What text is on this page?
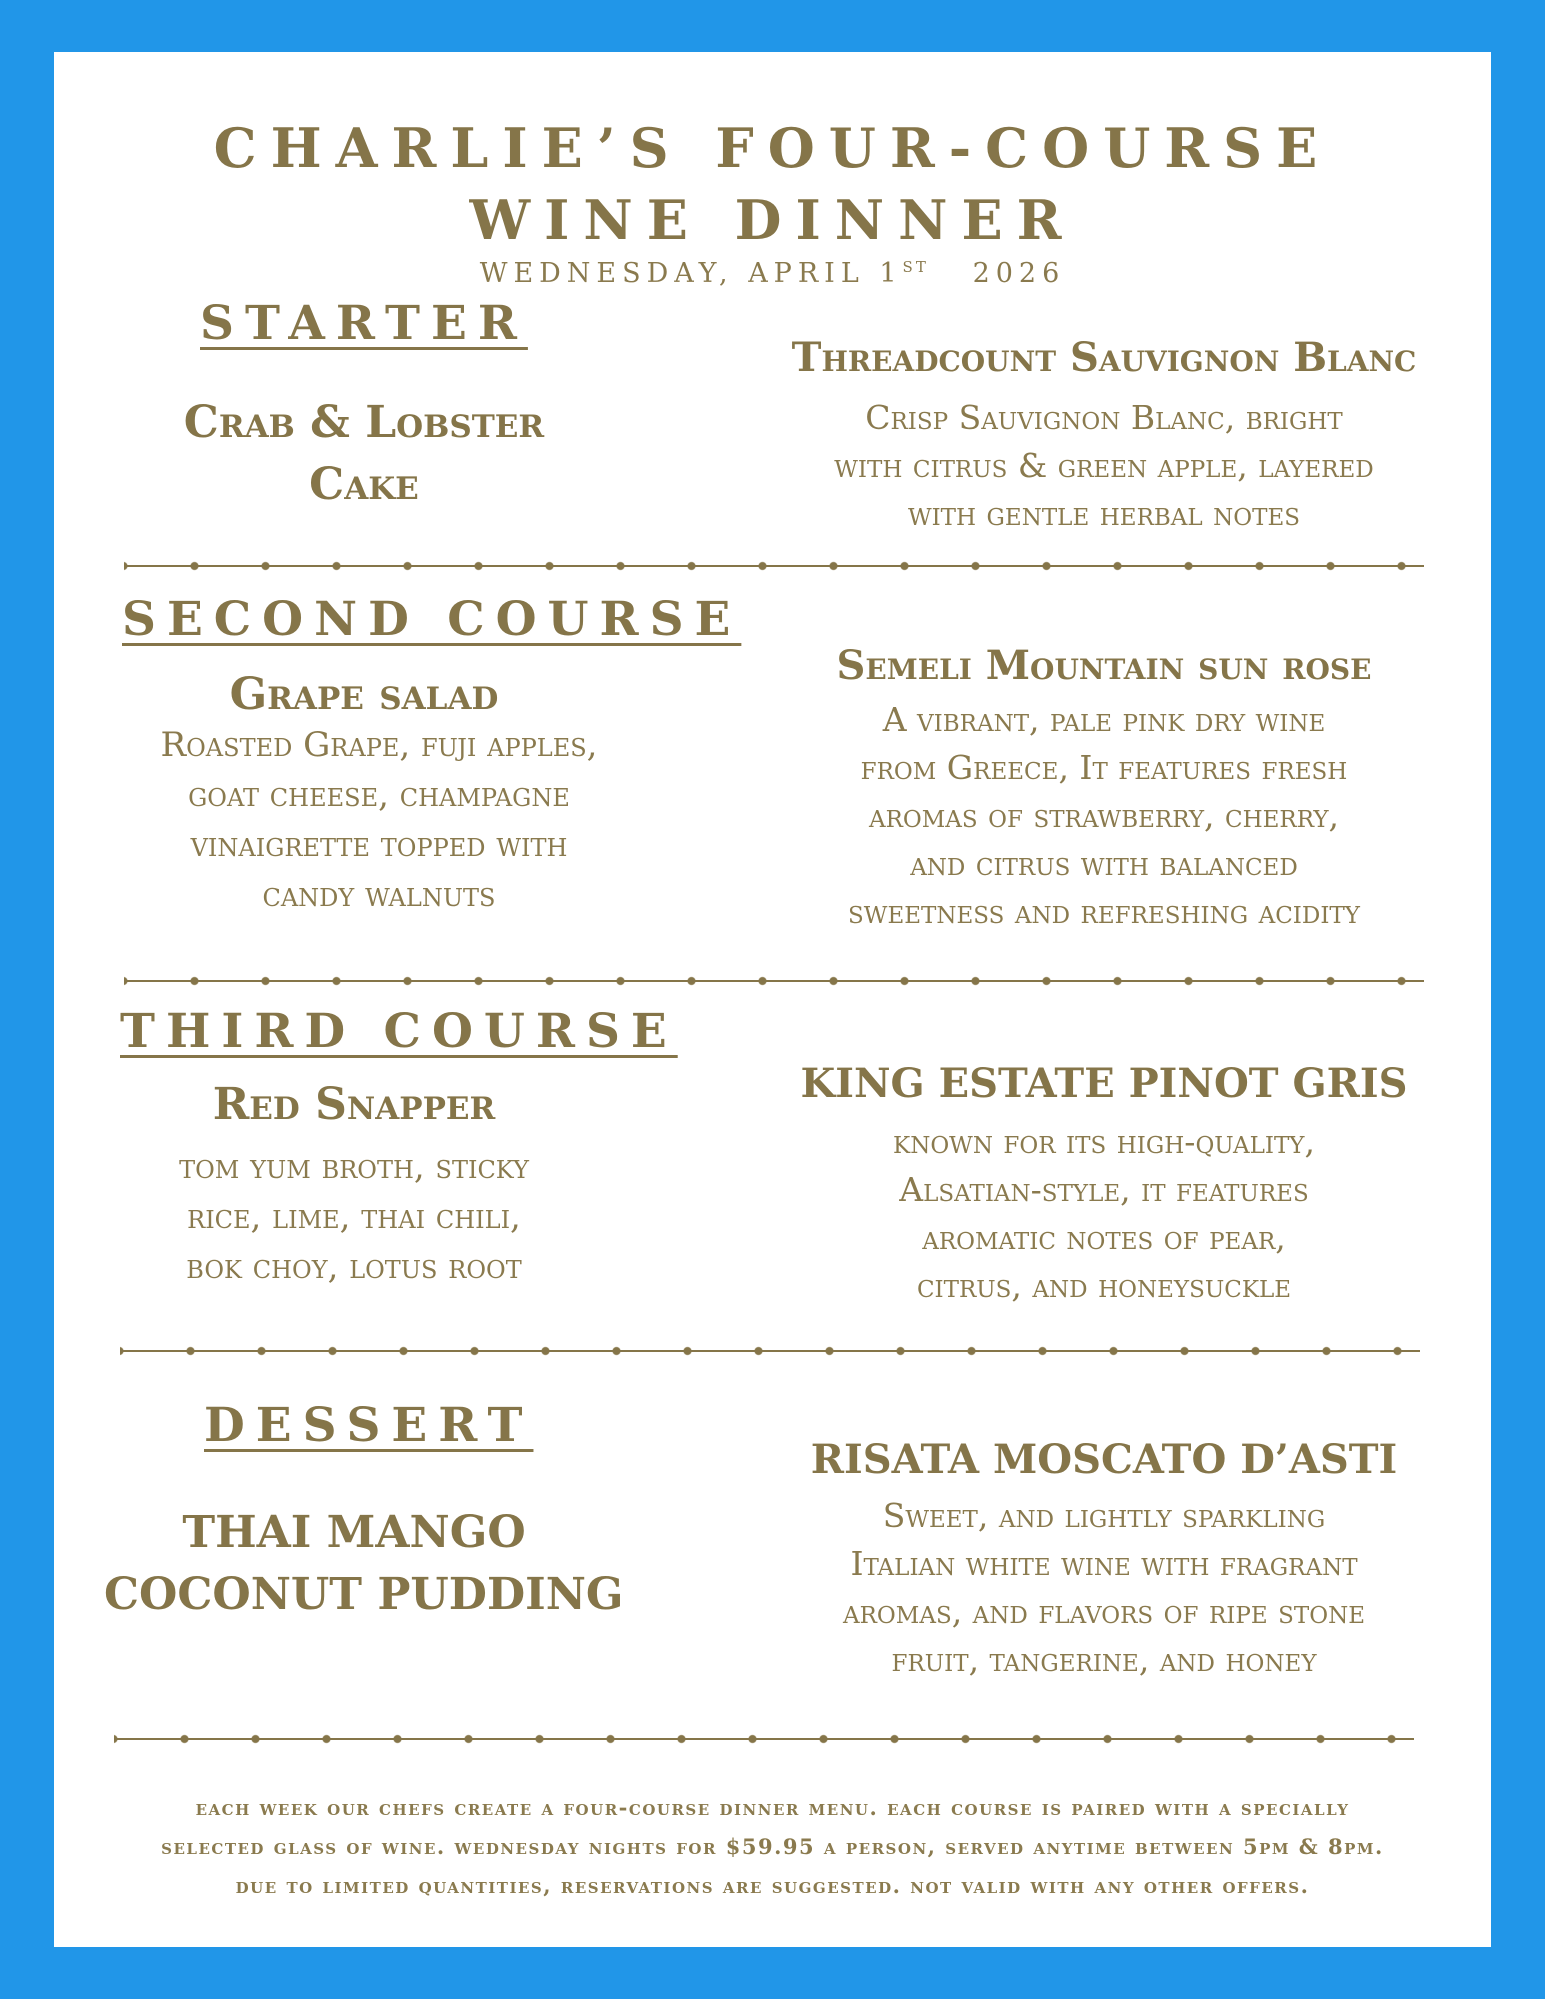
CHARLIE’S FOUR-COURSE
WINE DINNER
WEDNESDAY, APRIL 1ST 2026
STARTER
Crab & Lobster
Cake
Threadcount Sauvignon Blanc
Crisp Sauvignon Blanc, bright
with citrus & green apple, layered
with gentle herbal notes
SECOND COURSE
Grape salad
Roasted Grape, fuji apples,
goat cheese, champagne
vinaigrette topped with
candy walnuts
Semeli Mountain sun rose
A vibrant, pale pink dry wine
from Greece, It features fresh
aromas of strawberry, cherry,
and citrus with balanced
sweetness and refreshing acidity
THIRD COURSE
Red Snapper
tom yum broth, sticky
rice, lime, thai chili,
bok choy, lotus root
KING ESTATE PINOT GRIS
known for its high-quality,
Alsatian-style, it features
aromatic notes of pear,
citrus, and honeysuckle
DESSERT
THAI MANGO
COCONUT PUDDING
RISATA MOSCATO D’ASTI
Sweet, and lightly sparkling
Italian white wine with fragrant
aromas, and flavors of ripe stone
fruit, tangerine, and honey
each week our chefs create a four-course dinner menu. each course is paired with a specially
selected glass of wine. wednesday nights for $59.95 a person, served anytime between 5pm & 8pm.
due to limited quantities, reservations are suggested. not valid with any other offers.
